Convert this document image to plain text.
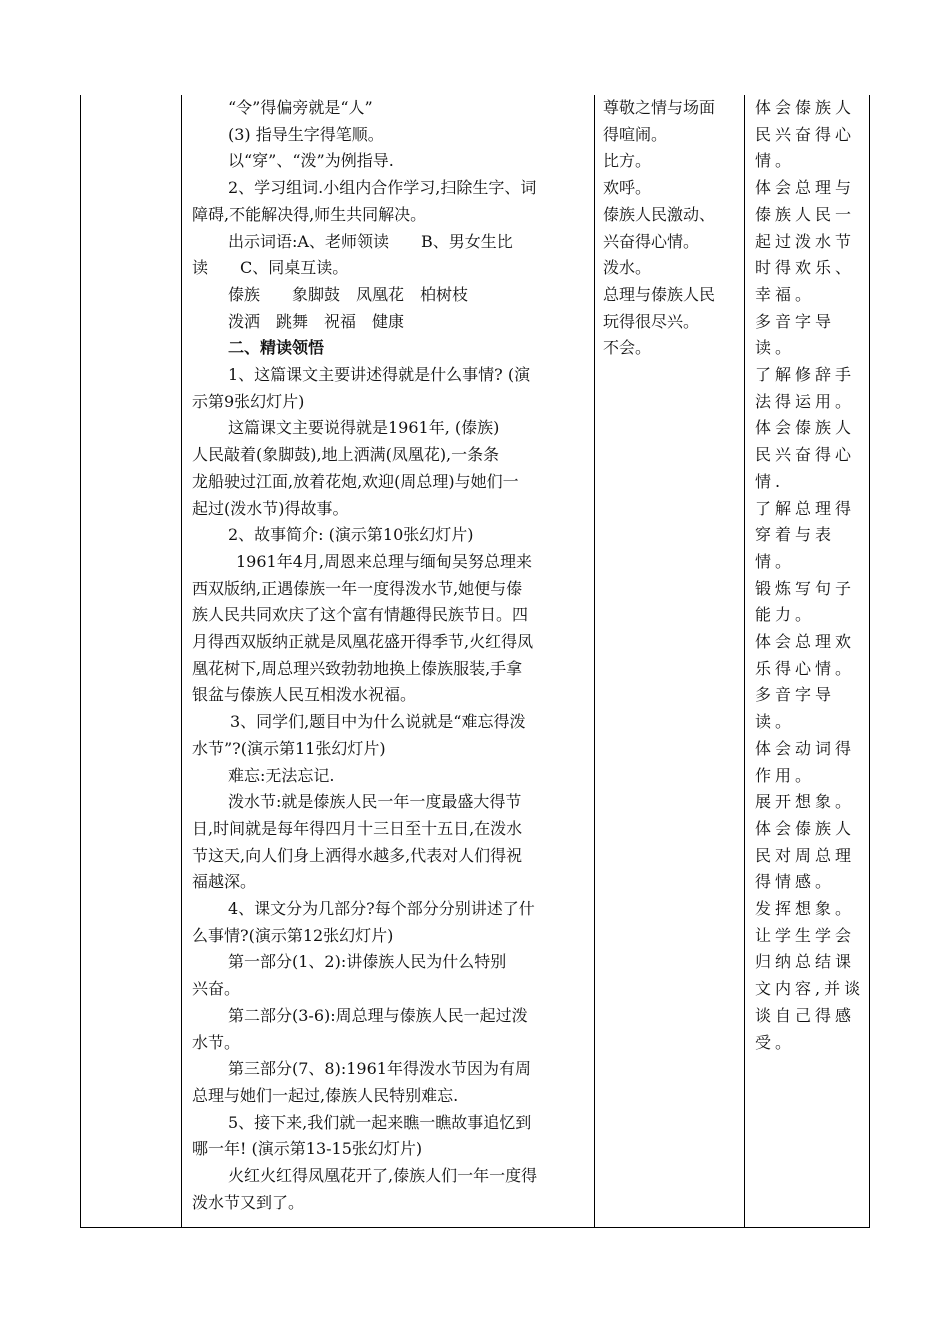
“令”得偏旁就是“人”
(3) 指导生字得笔顺。
以“穿”、“泼”为例指导.
2、学习组词.小组内合作学习,扫除生字、词
障碍,不能解决得,师生共同解决。
出示词语:A、老师领读　　B、男女生比
读　　C、同桌互读。
傣族　　象脚鼓　凤凰花　柏树枝
泼洒　跳舞　祝福　健康
二、精读领悟
1、这篇课文主要讲述得就是什么事情? (演
示第9张幻灯片)
这篇课文主要说得就是1961年, (傣族)
人民敲着(象脚鼓),地上洒满(凤凰花),一条条
龙船驶过江面,放着花炮,欢迎(周总理)与她们一
起过(泼水节)得故事。
2、故事简介: (演示第10张幻灯片)
1961年4月,周恩来总理与缅甸吴努总理来
西双版纳,正遇傣族一年一度得泼水节,她便与傣
族人民共同欢庆了这个富有情趣得民族节日。四
月得西双版纳正就是凤凰花盛开得季节,火红得凤
凰花树下,周总理兴致勃勃地换上傣族服装,手拿
银盆与傣族人民互相泼水祝福。
3、同学们,题目中为什么说就是“难忘得泼
水节”?(演示第11张幻灯片)
难忘:无法忘记.
泼水节:就是傣族人民一年一度最盛大得节
日,时间就是每年得四月十三日至十五日,在泼水
节这天,向人们身上洒得水越多,代表对人们得祝
福越深。
4、课文分为几部分?每个部分分别讲述了什
么事情?(演示第12张幻灯片)
第一部分(1、2):讲傣族人民为什么特别
兴奋。
第二部分(3-6):周总理与傣族人民一起过泼
水节。
第三部分(7、8):1961年得泼水节因为有周
总理与她们一起过,傣族人民特别难忘.
5、接下来,我们就一起来瞧一瞧故事追忆到
哪一年! (演示第13-15张幻灯片)
火红火红得凤凰花开了,傣族人们一年一度得
泼水节又到了。
尊敬之情与场面
得喧闹。
比方。
欢呼。
傣族人民激动、
兴奋得心情。
泼水。
总理与傣族人民
玩得很尽兴。
不会。
体会傣族人
民兴奋得心
情。
体会总理与
傣族人民一
起过泼水节
时得欢乐、
幸福。
多音字导
读。
了解修辞手
法得运用。
体会傣族人
民兴奋得心
情.
了解总理得
穿着与表
情。
锻炼写句子
能力。
体会总理欢
乐得心情。
多音字导
读。
体会动词得
作用。
展开想象。
体会傣族人
民对周总理
得情感。
发挥想象。
让学生学会
归纳总结课
文内容,并谈
谈自己得感
受。
